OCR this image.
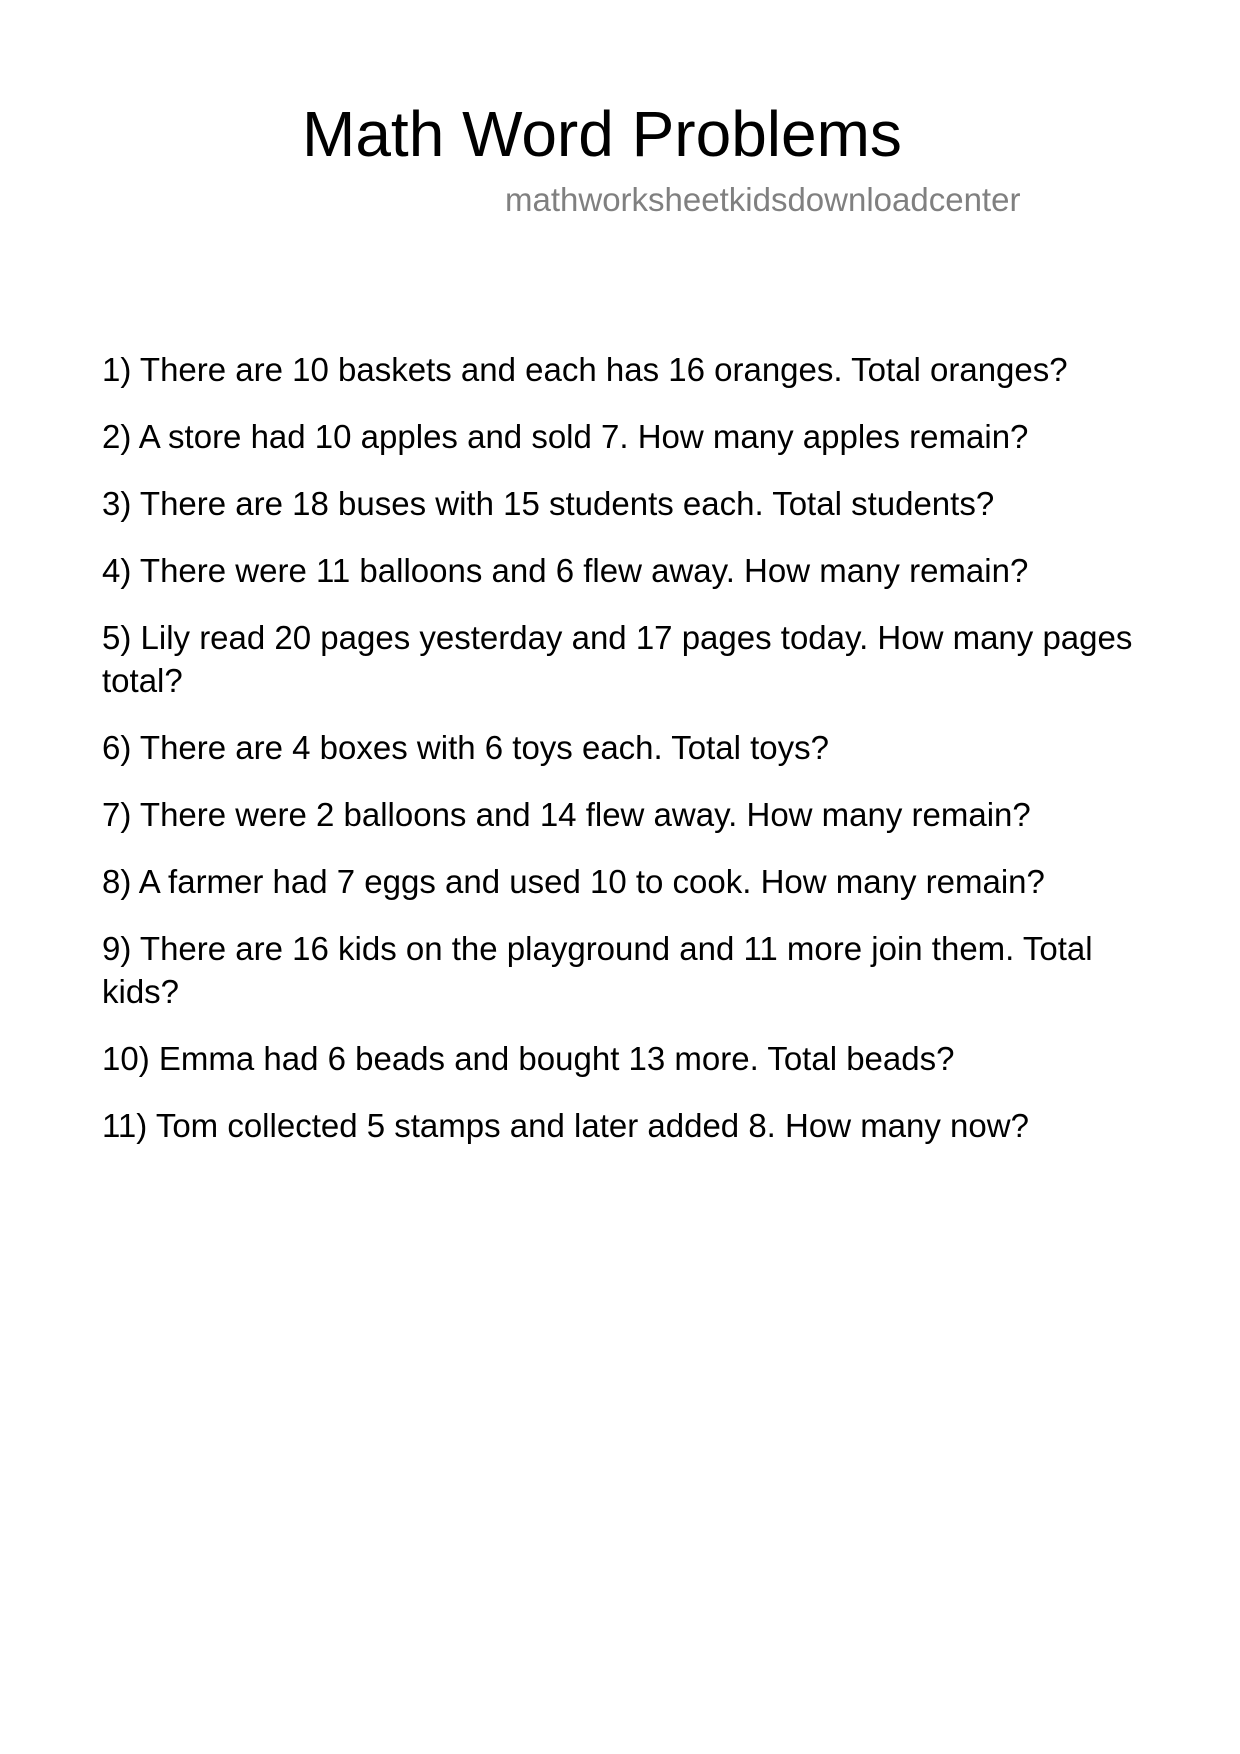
Math Word Problems
mathworksheetkidsdownloadcenter
1) There are 10 baskets and each has 16 oranges. Total oranges?
2) A store had 10 apples and sold 7. How many apples remain?
3) There are 18 buses with 15 students each. Total students?
4) There were 11 balloons and 6 flew away. How many remain?
5) Lily read 20 pages yesterday and 17 pages today. How many pages total?
6) There are 4 boxes with 6 toys each. Total toys?
7) There were 2 balloons and 14 flew away. How many remain?
8) A farmer had 7 eggs and used 10 to cook. How many remain?
9) There are 16 kids on the playground and 11 more join them. Total kids?
10) Emma had 6 beads and bought 13 more. Total beads?
11) Tom collected 5 stamps and later added 8. How many now?
